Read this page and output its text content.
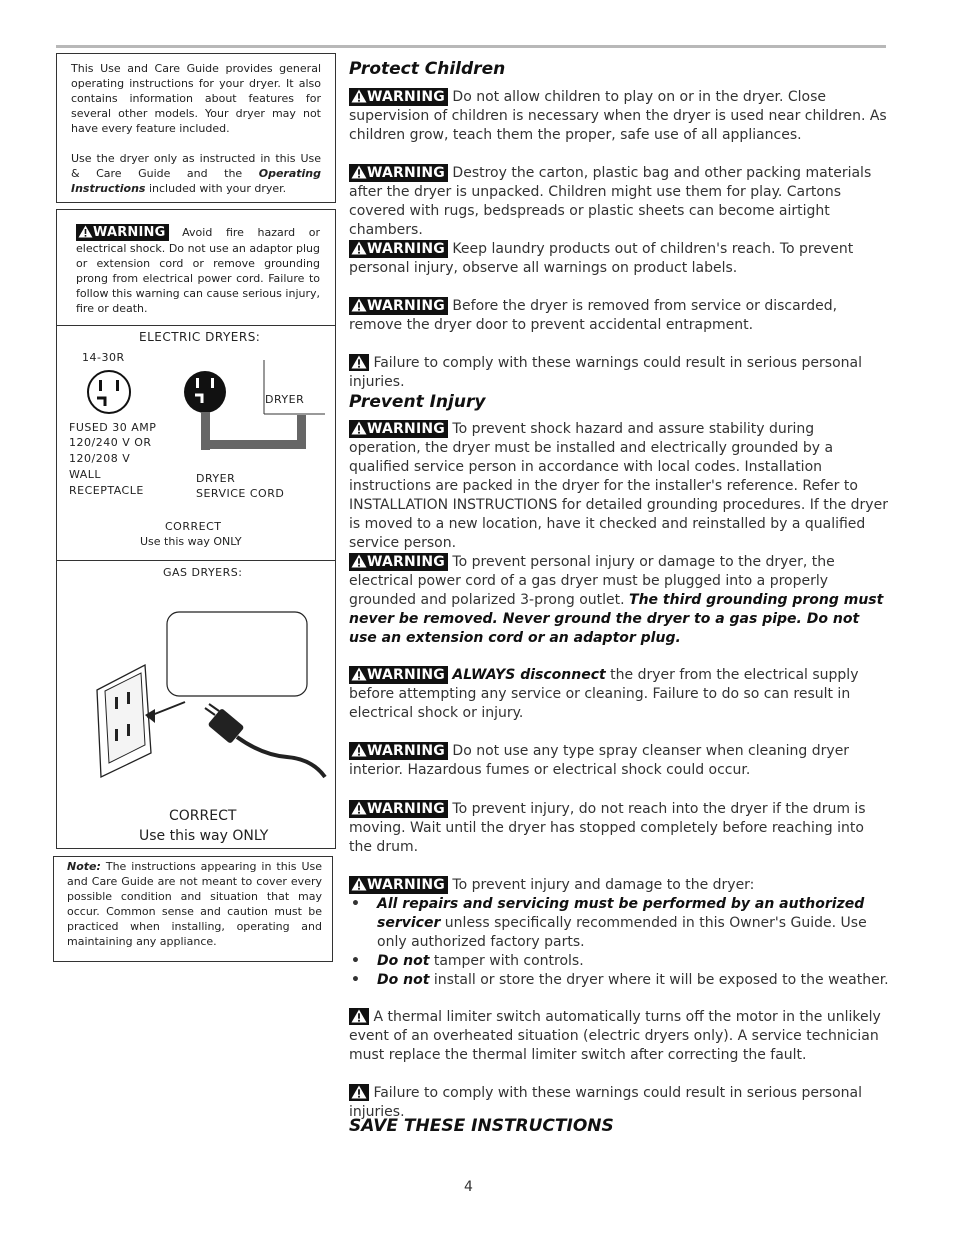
This Use and Care Guide provides general operating instructions for your dryer. It also contains information about features for several other models. Your dryer may not have every feature included.

Use the dryer only as instructed in this Use & Care Guide and the Operating Instructions included with your dryer.

WARNING Avoid fire hazard or electrical shock. Do not use an adaptor plug or extension cord or remove grounding prong from electrical power cord. Failure to follow this warning can cause serious injury, fire or death.
ELECTRIC DRYERS:
14-30R
DRYER
FUSED 30 AMP
120/240 V OR
120/208 V
WALL
RECEPTACLE
DRYER
SERVICE CORD
CORRECT
Use this way ONLY
GAS DRYERS:
CORRECT
Use this way ONLY
Note: The instructions appearing in this Use and Care Guide are not meant to cover every possible condition and situation that may occur. Common sense and caution must be practiced when installing, operating and maintaining any appliance.
Protect Children
WARNING Do not allow children to play on or in the dryer. Close supervision of children is necessary when the dryer is used near children. As children grow, teach them the proper, safe use of all appliances.
WARNING Destroy the carton, plastic bag and other packing materials after the dryer is unpacked. Children might use them for play. Cartons covered with rugs, bedspreads or plastic sheets can become airtight chambers.
WARNING Keep laundry products out of children's reach. To prevent personal injury, observe all warnings on product labels.
WARNING Before the dryer is removed from service or discarded, remove the dryer door to prevent accidental entrapment.
Failure to comply with these warnings could result in serious personal injuries.
Prevent Injury
WARNING To prevent shock hazard and assure stability during operation, the dryer must be installed and electrically grounded by a qualified service person in accordance with local codes. Installation instructions are packed in the dryer for the installer's reference. Refer to INSTALLATION INSTRUCTIONS for detailed grounding procedures. If the dryer is moved to a new location, have it checked and reinstalled by a qualified service person.
WARNING To prevent personal injury or damage to the dryer, the electrical power cord of a gas dryer must be plugged into a properly grounded and polarized 3-prong outlet. The third grounding prong must never be removed. Never ground the dryer to a gas pipe. Do not use an extension cord or an adaptor plug.
WARNING ALWAYS disconnect the dryer from the electrical supply before attempting any service or cleaning. Failure to do so can result in electrical shock or injury.
WARNING Do not use any type spray cleanser when cleaning dryer interior. Hazardous fumes or electrical shock could occur.
WARNING To prevent injury, do not reach into the dryer if the drum is moving. Wait until the dryer has stopped completely before reaching into the drum.

WARNING To prevent injury and damage to the dryer:

• All repairs and servicing must be performed by an authorized servicer unless specifically recommended in this Owner's Guide. Use only authorized factory parts.
• Do not tamper with controls.
• Do not install or store the dryer where it will be exposed to the weather.
A thermal limiter switch automatically turns off the motor in the unlikely event of an overheated situation (electric dryers only). A service technician must replace the thermal limiter switch after correcting the fault.
Failure to comply with these warnings could result in serious personal injuries.
SAVE THESE INSTRUCTIONS
4
